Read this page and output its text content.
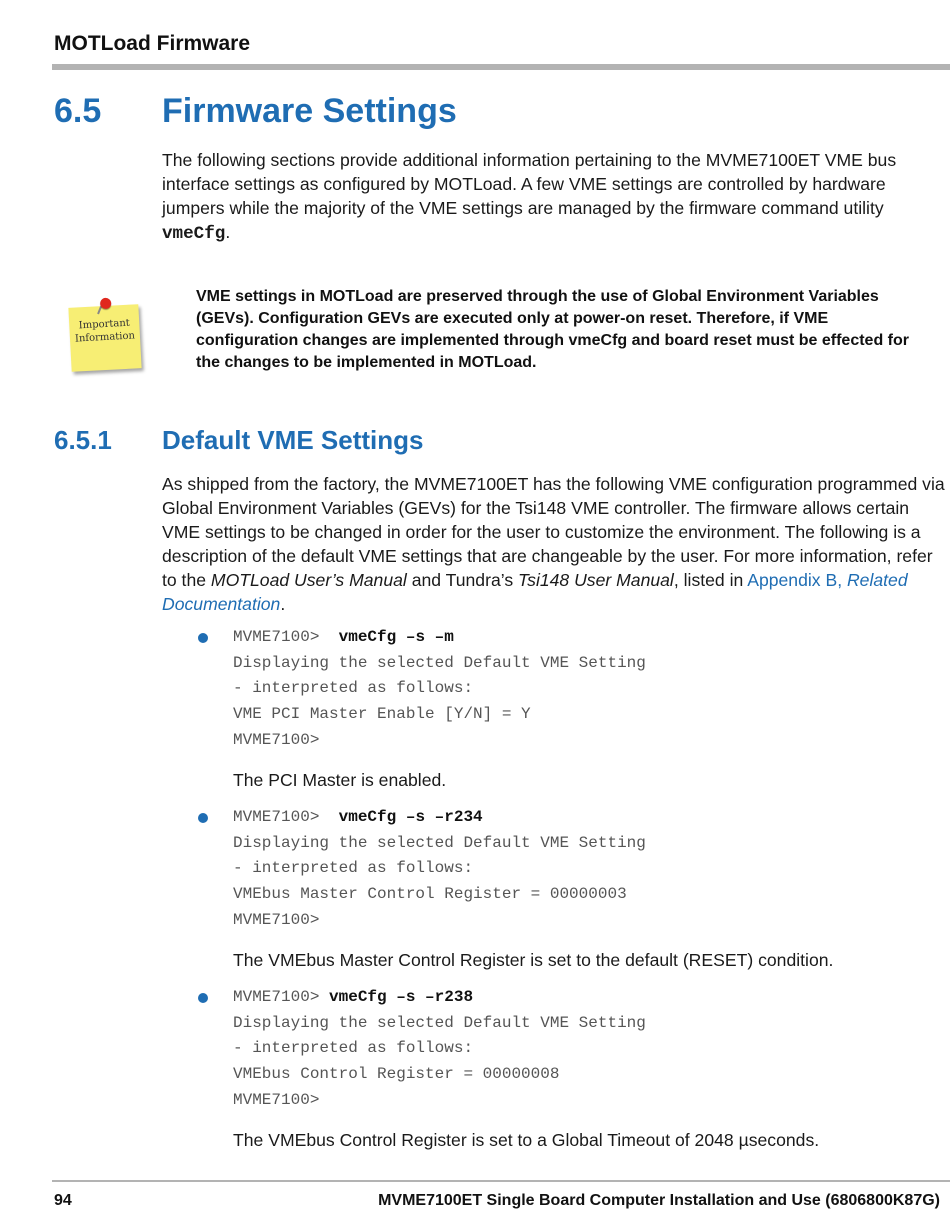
MOTLoad Firmware
6.5 Firmware Settings
The following sections provide additional information pertaining to the MVME7100ET VME bus interface settings as configured by MOTLoad. A few VME settings are controlled by hardware jumpers while the majority of the VME settings are managed by the firmware command utility vmeCfg.
Important Information
VME settings in MOTLoad are preserved through the use of Global Environment Variables (GEVs). Configuration GEVs are executed only at power-on reset. Therefore, if VME configuration changes are implemented through vmeCfg and board reset must be effected for the changes to be implemented in MOTLoad.
6.5.1 Default VME Settings
As shipped from the factory, the MVME7100ET has the following VME configuration programmed via Global Environment Variables (GEVs) for the Tsi148 VME controller. The firmware allows certain VME settings to be changed in order for the user to customize the environment. The following is a description of the default VME settings that are changeable by the user. For more information, refer to the MOTLoad User’s Manual and Tundra’s Tsi148 User Manual, listed in Appendix B, Related Documentation.
MVME7100>  vmeCfg –s –m
Displaying the selected Default VME Setting
- interpreted as follows:
VME PCI Master Enable [Y/N] = Y
MVME7100>
The PCI Master is enabled.
MVME7100>  vmeCfg –s –r234
Displaying the selected Default VME Setting
- interpreted as follows:
VMEbus Master Control Register = 00000003
MVME7100>
The VMEbus Master Control Register is set to the default (RESET) condition.
MVME7100> vmeCfg –s –r238
Displaying the selected Default VME Setting
- interpreted as follows:
VMEbus Control Register = 00000008
MVME7100>
The VMEbus Control Register is set to a Global Timeout of 2048 µseconds.
94	MVME7100ET Single Board Computer Installation and Use (6806800K87G)
